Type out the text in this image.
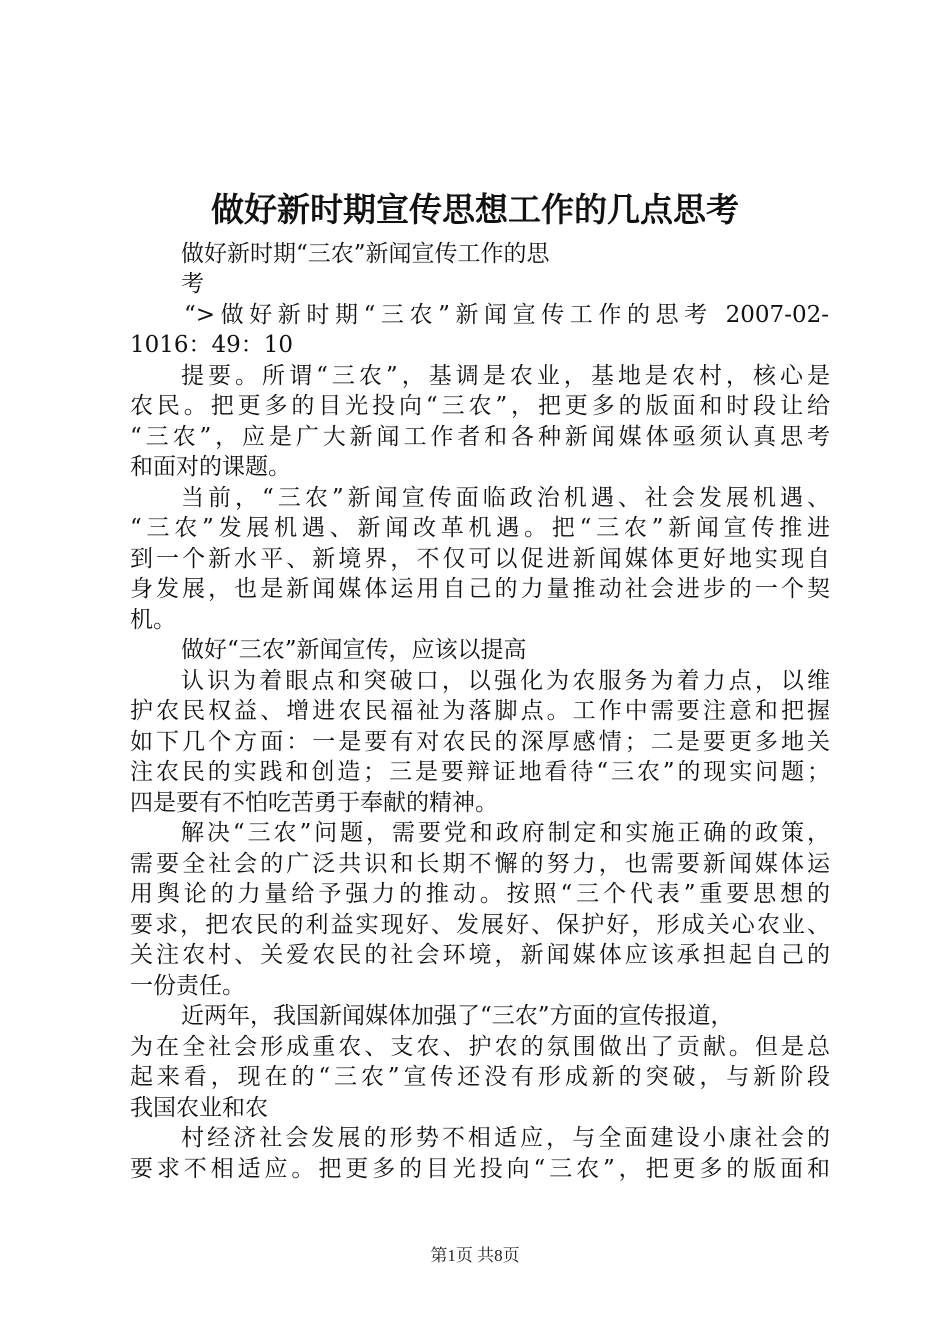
做好新时期宣传思想工作的几点思考
做好新时期“三农”新闻宣传工作的思
考
“>做好新时期“三农”新闻宣传工作的思考 2007-02-
1016：49：10
提要。所谓“三农”，基调是农业，基地是农村，核心是
农民。把更多的目光投向“三农”，把更多的版面和时段让给
“三农”，应是广大新闻工作者和各种新闻媒体亟须认真思考
和面对的课题。
当前，“三农”新闻宣传面临政治机遇、社会发展机遇、
“三农”发展机遇、新闻改革机遇。把“三农”新闻宣传推进
到一个新水平、新境界，不仅可以促进新闻媒体更好地实现自
身发展，也是新闻媒体运用自己的力量推动社会进步的一个契
机。
做好“三农”新闻宣传，应该以提高
认识为着眼点和突破口，以强化为农服务为着力点，以维
护农民权益、增进农民福祉为落脚点。工作中需要注意和把握
如下几个方面：一是要有对农民的深厚感情；二是要更多地关
注农民的实践和创造；三是要辩证地看待“三农”的现实问题；
四是要有不怕吃苦勇于奉献的精神。
解决“三农”问题，需要党和政府制定和实施正确的政策，
需要全社会的广泛共识和长期不懈的努力，也需要新闻媒体运
用舆论的力量给予强力的推动。按照“三个代表”重要思想的
要求，把农民的利益实现好、发展好、保护好，形成关心农业、
关注农村、关爱农民的社会环境，新闻媒体应该承担起自己的
一份责任。
近两年，我国新闻媒体加强了“三农”方面的宣传报道，
为在全社会形成重农、支农、护农的氛围做出了贡献。但是总
起来看，现在的“三农”宣传还没有形成新的突破，与新阶段
我国农业和农
村经济社会发展的形势不相适应，与全面建设小康社会的
要求不相适应。把更多的目光投向“三农”，把更多的版面和
第1页 共8页
